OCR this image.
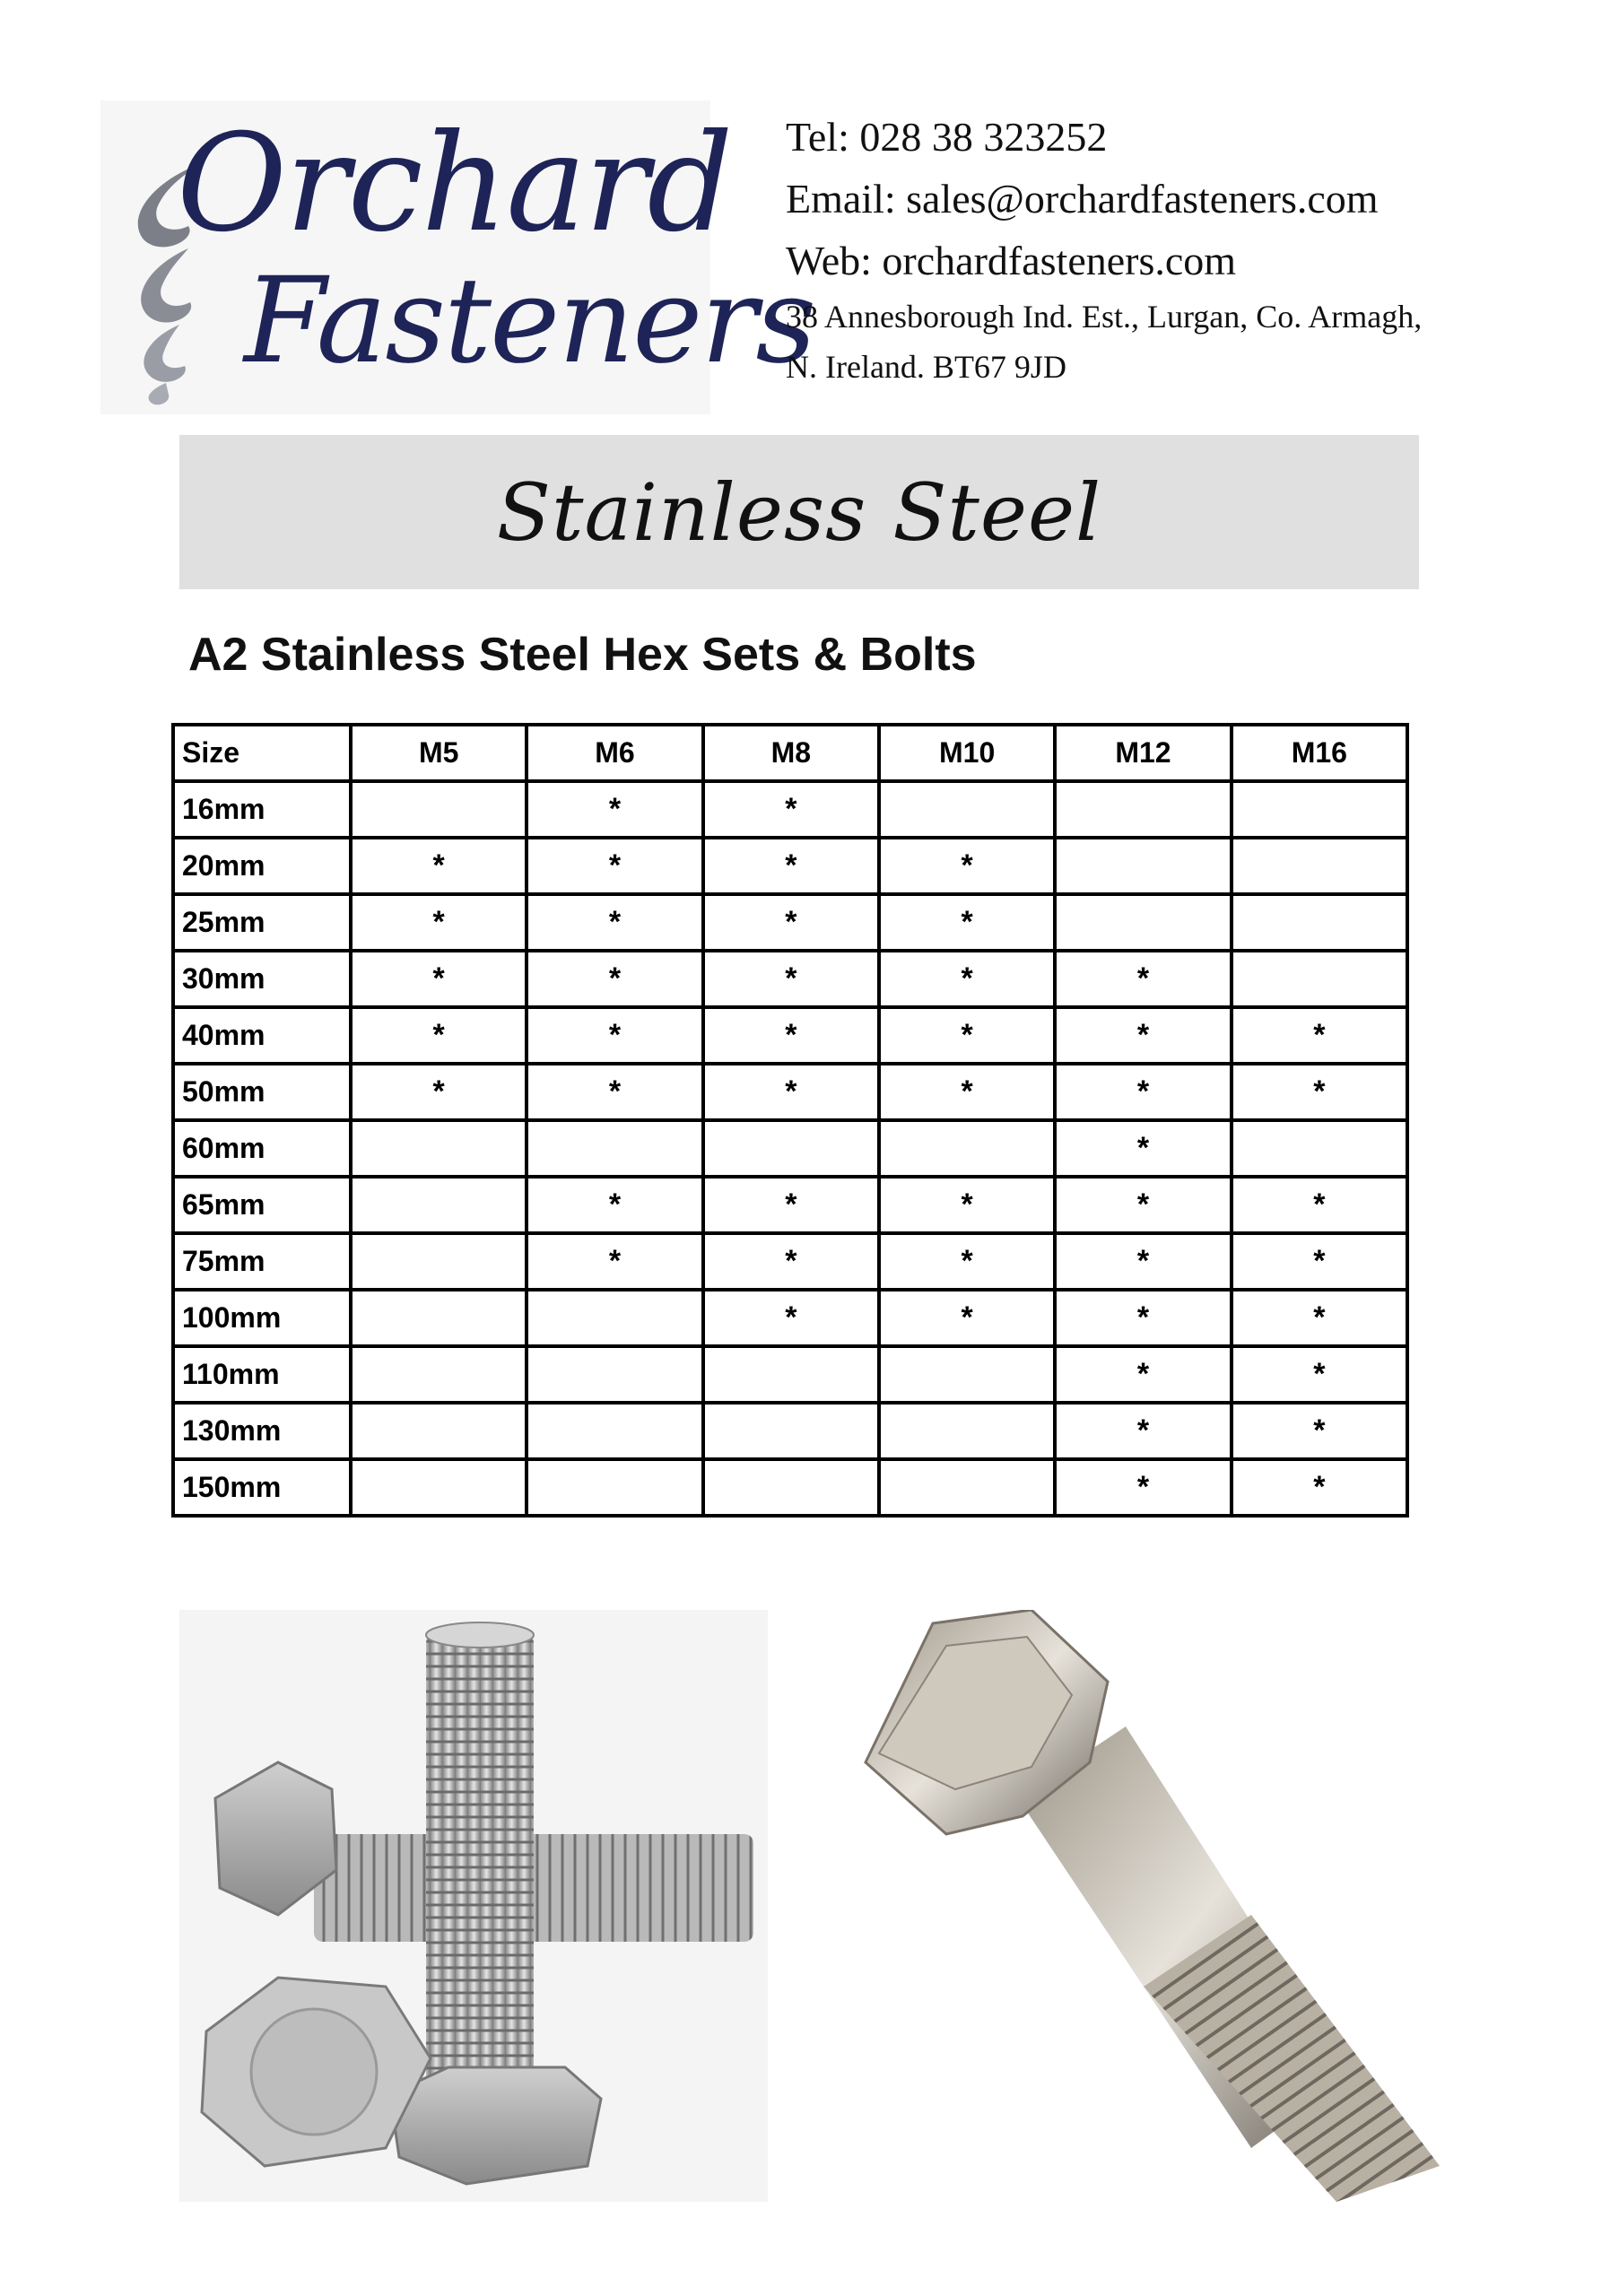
Orchard
Fasteners
Tel: 028 38 323252
Email: sales@orchardfasteners.com
Web: orchardfasteners.com
38 Annesborough Ind. Est., Lurgan, Co. Armagh,
N. Ireland. BT67 9JD
Stainless Steel
A2 Stainless Steel Hex Sets & Bolts
Size	M5	M6	M8	M10	M12	M16
16mm		*	*			
20mm	*	*	*	*		
25mm	*	*	*	*		
30mm	*	*	*	*	*	
40mm	*	*	*	*	*	*
50mm	*	*	*	*	*	*
60mm					*	
65mm		*	*	*	*	*
75mm		*	*	*	*	*
100mm			*	*	*	*
110mm					*	*
130mm					*	*
150mm					*	*
